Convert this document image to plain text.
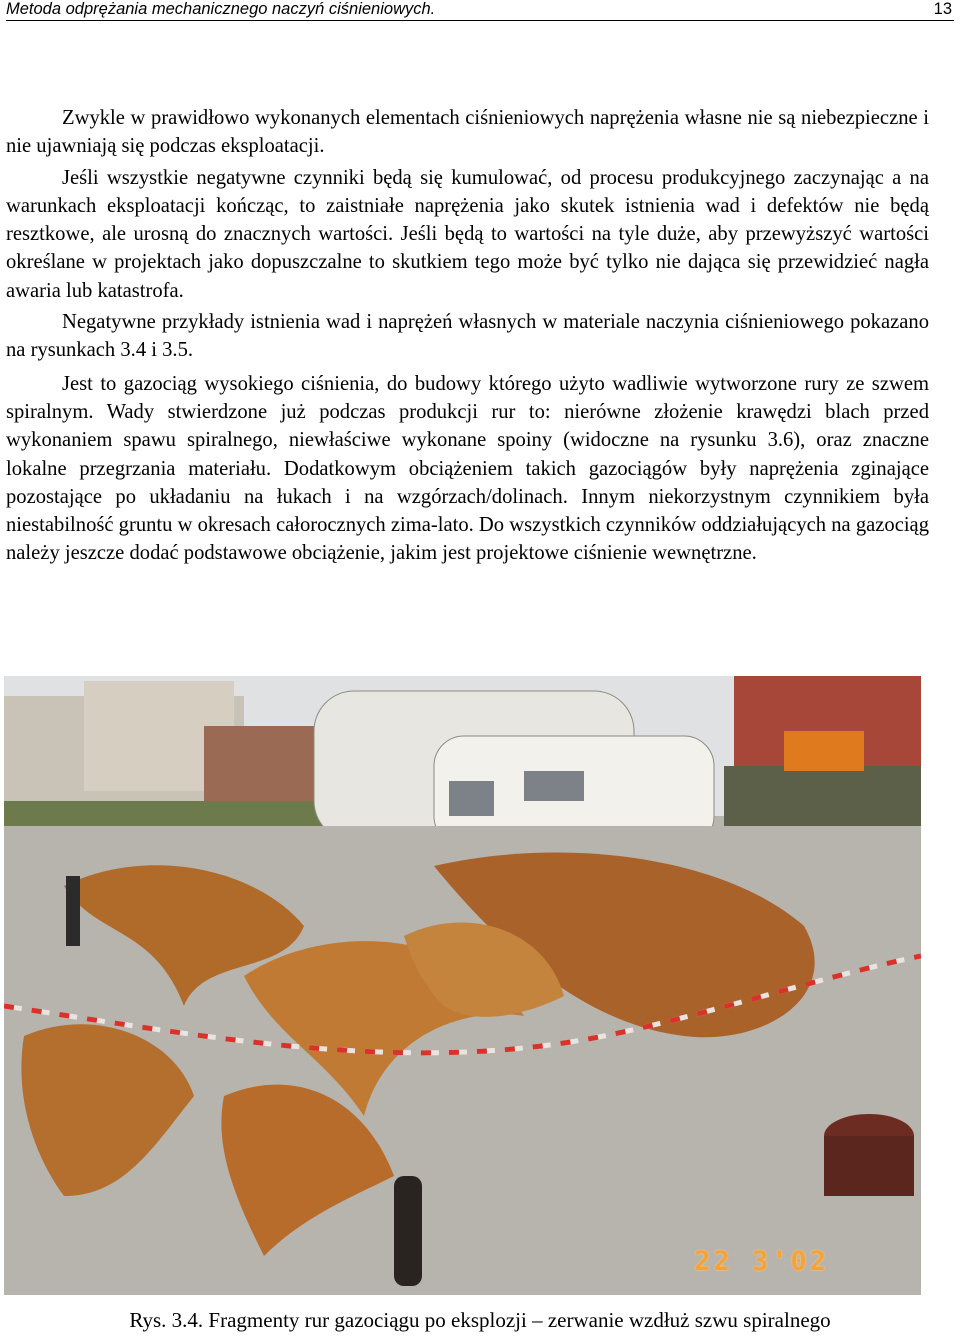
Metoda odprężania mechanicznego naczyń ciśnieniowych.	13

Zwykle w prawidłowo wykonanych elementach ciśnieniowych naprężenia własne nie są niebezpieczne i nie ujawniają się podczas eksploatacji.

Jeśli wszystkie negatywne czynniki będą się kumulować, od procesu produkcyjnego zaczynając a na warunkach eksploatacji kończąc, to zaistniałe naprężenia jako skutek istnienia wad i defektów nie będą resztkowe, ale urosną do znacznych wartości. Jeśli będą to wartości na tyle duże, aby przewyższyć wartości określane w projektach jako dopuszczalne to skutkiem tego może być tylko nie dająca się przewidzieć nagła awaria lub katastrofa.

Negatywne przykłady istnienia wad i naprężeń własnych w materiale naczynia ciśnieniowego pokazano na rysunkach 3.4 i 3.5.

Jest to gazociąg wysokiego ciśnienia, do budowy którego użyto wadliwie wytworzone rury ze szwem spiralnym. Wady stwierdzone już podczas produkcji rur to: nierówne złożenie krawędzi blach przed wykonaniem spawu spiralnego, niewłaściwe wykonane spoiny (widoczne na rysunku 3.6), oraz znaczne lokalne przegrzania materiału. Dodatkowym obciążeniem takich gazociągów były naprężenia zginające pozostające po układaniu na łukach i na wzgórzach/dolinach. Innym niekorzystnym czynnikiem była niestabilność gruntu w okresach całorocznych zima-lato. Do wszystkich czynników oddziałujących na gazociąg należy jeszcze dodać podstawowe obciążenie, jakim jest projektowe ciśnienie wewnętrzne.

22 3'02
Rys. 3.4. Fragmenty rur gazociągu po eksplozji – zerwanie wzdłuż szwu spiralnego
